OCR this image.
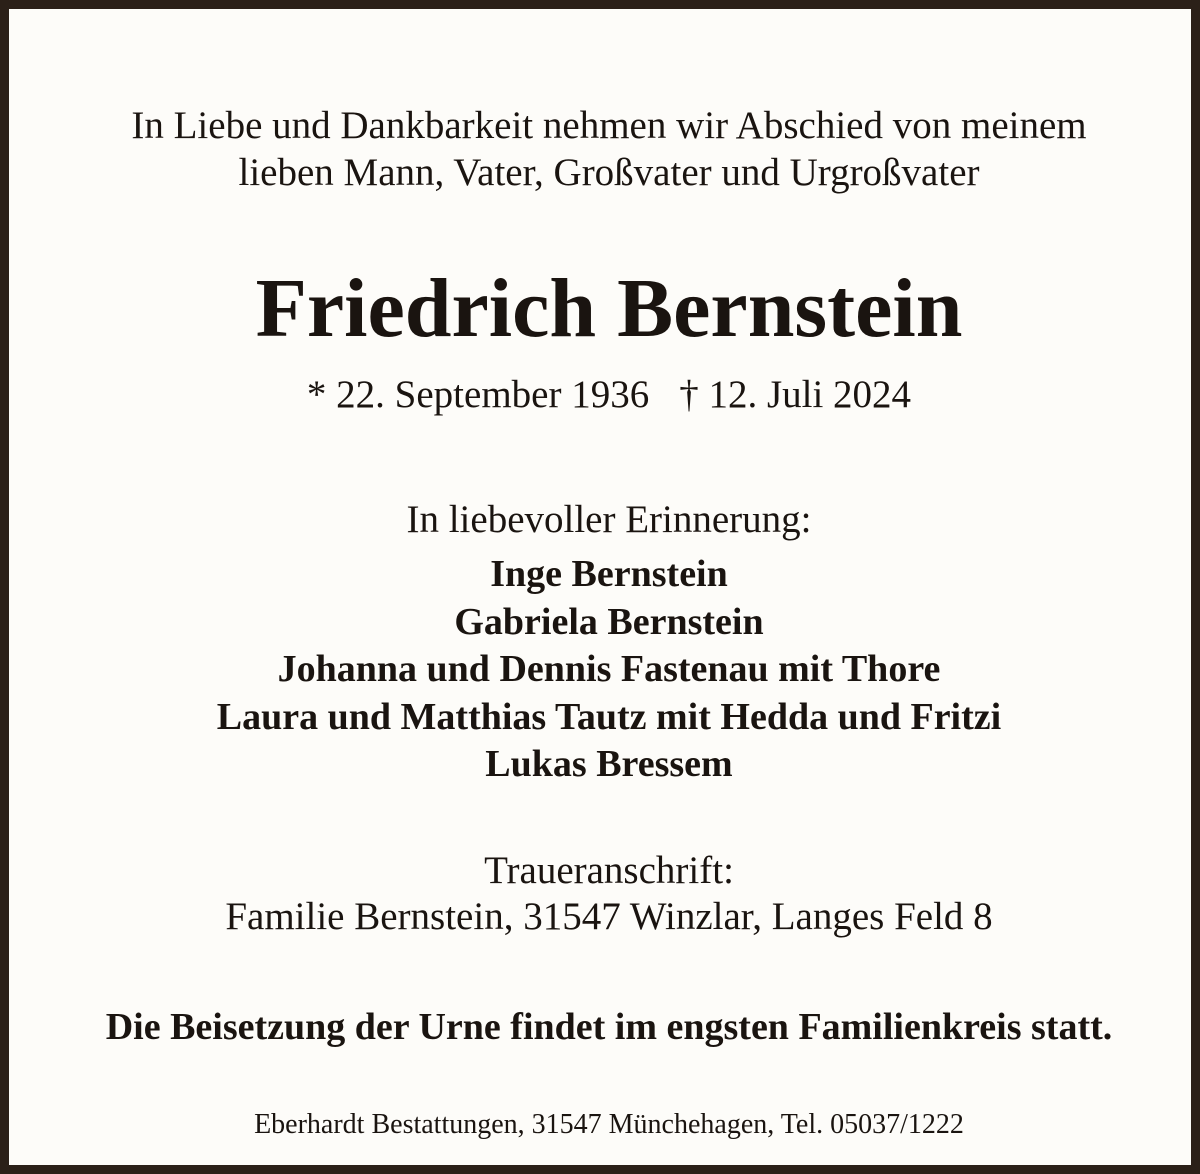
In Liebe und Dankbarkeit nehmen wir Abschied von meinem
lieben Mann, Vater, Großvater und Urgroßvater
Friedrich Bernstein
* 22. September 1936 † 12. Juli 2024
In liebevoller Erinnerung:
Inge Bernstein
Gabriela Bernstein
Johanna und Dennis Fastenau mit Thore
Laura und Matthias Tautz mit Hedda und Fritzi
Lukas Bressem
Traueranschrift:
Familie Bernstein, 31547 Winzlar, Langes Feld 8
Die Beisetzung der Urne findet im engsten Familienkreis statt.
Eberhardt Bestattungen, 31547 Münchehagen, Tel. 05037/1222
